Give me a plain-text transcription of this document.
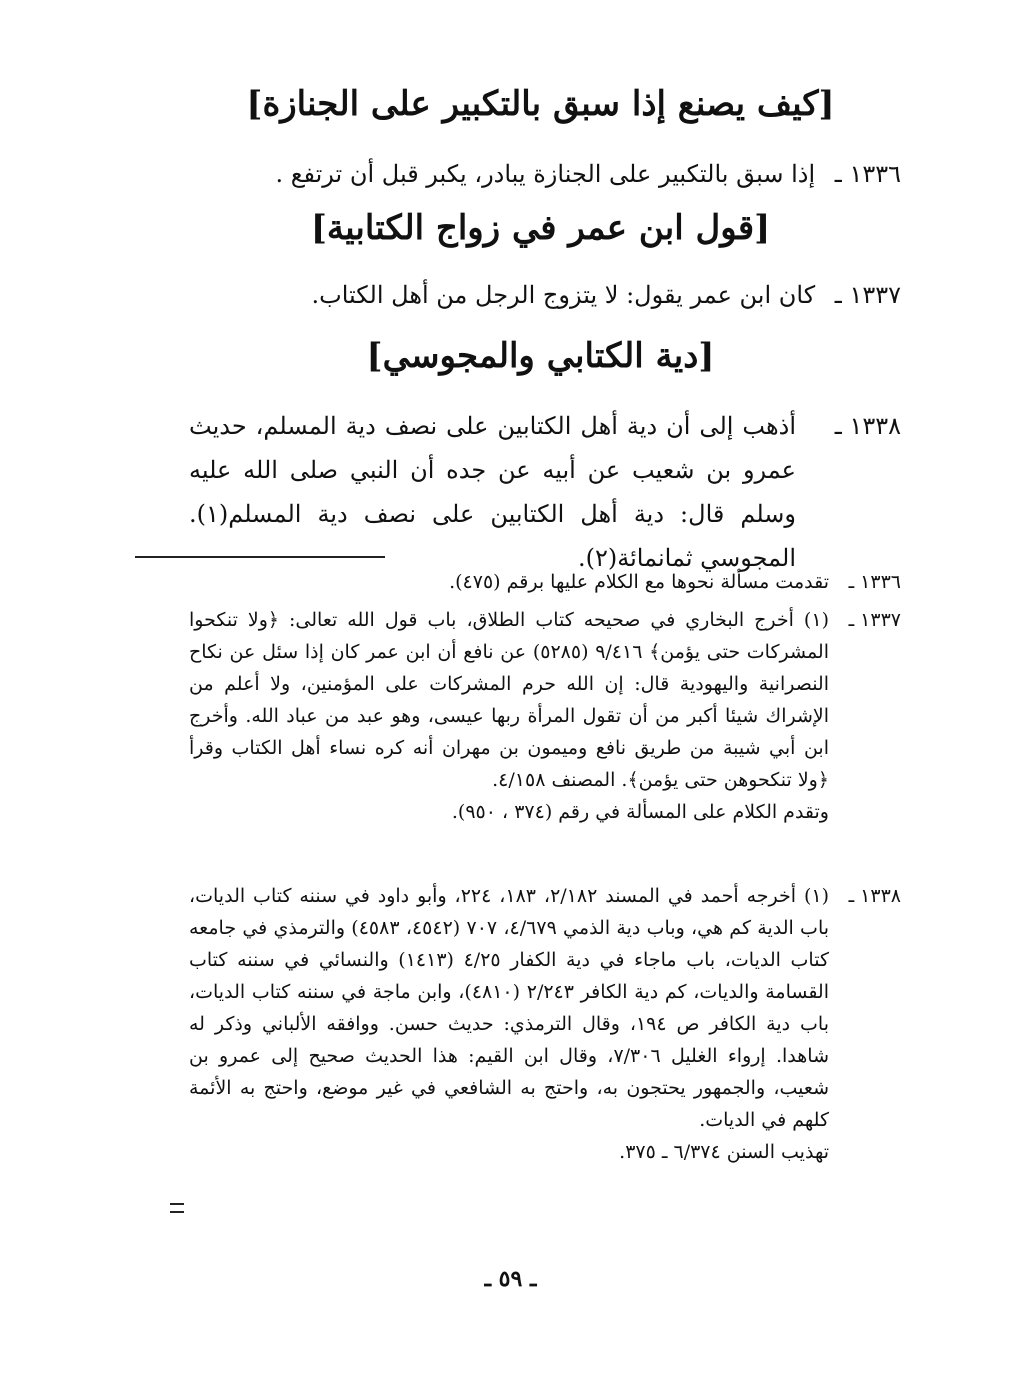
[كيف يصنع إذا سبق بالتكبير على الجنازة]
١٣٣٦ ـ إذا سبق بالتكبير على الجنازة يبادر، يكبر قبل أن ترتفع .
[قول ابن عمر في زواج الكتابية]
١٣٣٧ ـ كان ابن عمر يقول: لا يتزوج الرجل من أهل الكتاب.
[دية الكتابي والمجوسي]
١٣٣٨ ـ
أذهب إلى أن دية أهل الكتابين على نصف دية المسلم، حديث عمرو بن شعيب عن أبيه عن جده أن النبي صلى الله عليه وسلم قال: دية أهل الكتابين على نصف دية المسلم(١). المجوسي ثمانمائة(٢).
١٣٣٦ ـ
تقدمت مسألة نحوها مع الكلام عليها برقم (٤٧٥).
١٣٣٧ ـ
(١) أخرج البخاري في صحيحه كتاب الطلاق، باب قول الله تعالى: ﴿ولا تنكحوا المشركات حتى يؤمن﴾ ٩/٤١٦ (٥٢٨٥) عن نافع أن ابن عمر كان إذا سئل عن نكاح النصرانية واليهودية قال: إن الله حرم المشركات على المؤمنين، ولا أعلم من الإشراك شيئا أكبر من أن تقول المرأة ربها عيسى، وهو عبد من عباد الله. وأخرج ابن أبي شيبة من طريق نافع وميمون بن مهران أنه كره نساء أهل الكتاب وقرأ ﴿ولا تنكحوهن حتى يؤمن﴾. المصنف ٤/١٥٨.
وتقدم الكلام على المسألة في رقم (٣٧٤ ، ٩٥٠).
١٣٣٨ ـ
(١) أخرجه أحمد في المسند ٢/١٨٢، ١٨٣، ٢٢٤، وأبو داود في سننه كتاب الديات، باب الدية كم هي، وباب دية الذمي ٤/٦٧٩، ٧٠٧ (٤٥٤٢، ٤٥٨٣) والترمذي في جامعه كتاب الديات، باب ماجاء في دية الكفار ٤/٢٥ (١٤١٣) والنسائي في سننه كتاب القسامة والديات، كم دية الكافر ٢/٢٤٣ (٤٨١٠)، وابن ماجة في سننه كتاب الديات، باب دية الكافر ص ١٩٤، وقال الترمذي: حديث حسن. ووافقه الألباني وذكر له شاهدا. إرواء الغليل ٧/٣٠٦، وقال ابن القيم: هذا الحديث صحيح إلى عمرو بن شعيب، والجمهور يحتجون به، واحتج به الشافعي في غير موضع، واحتج به الأئمة كلهم في الديات.
تهذيب السنن ٦/٣٧٤ ـ ٣٧٥.
ـ ٥٩ ـ
